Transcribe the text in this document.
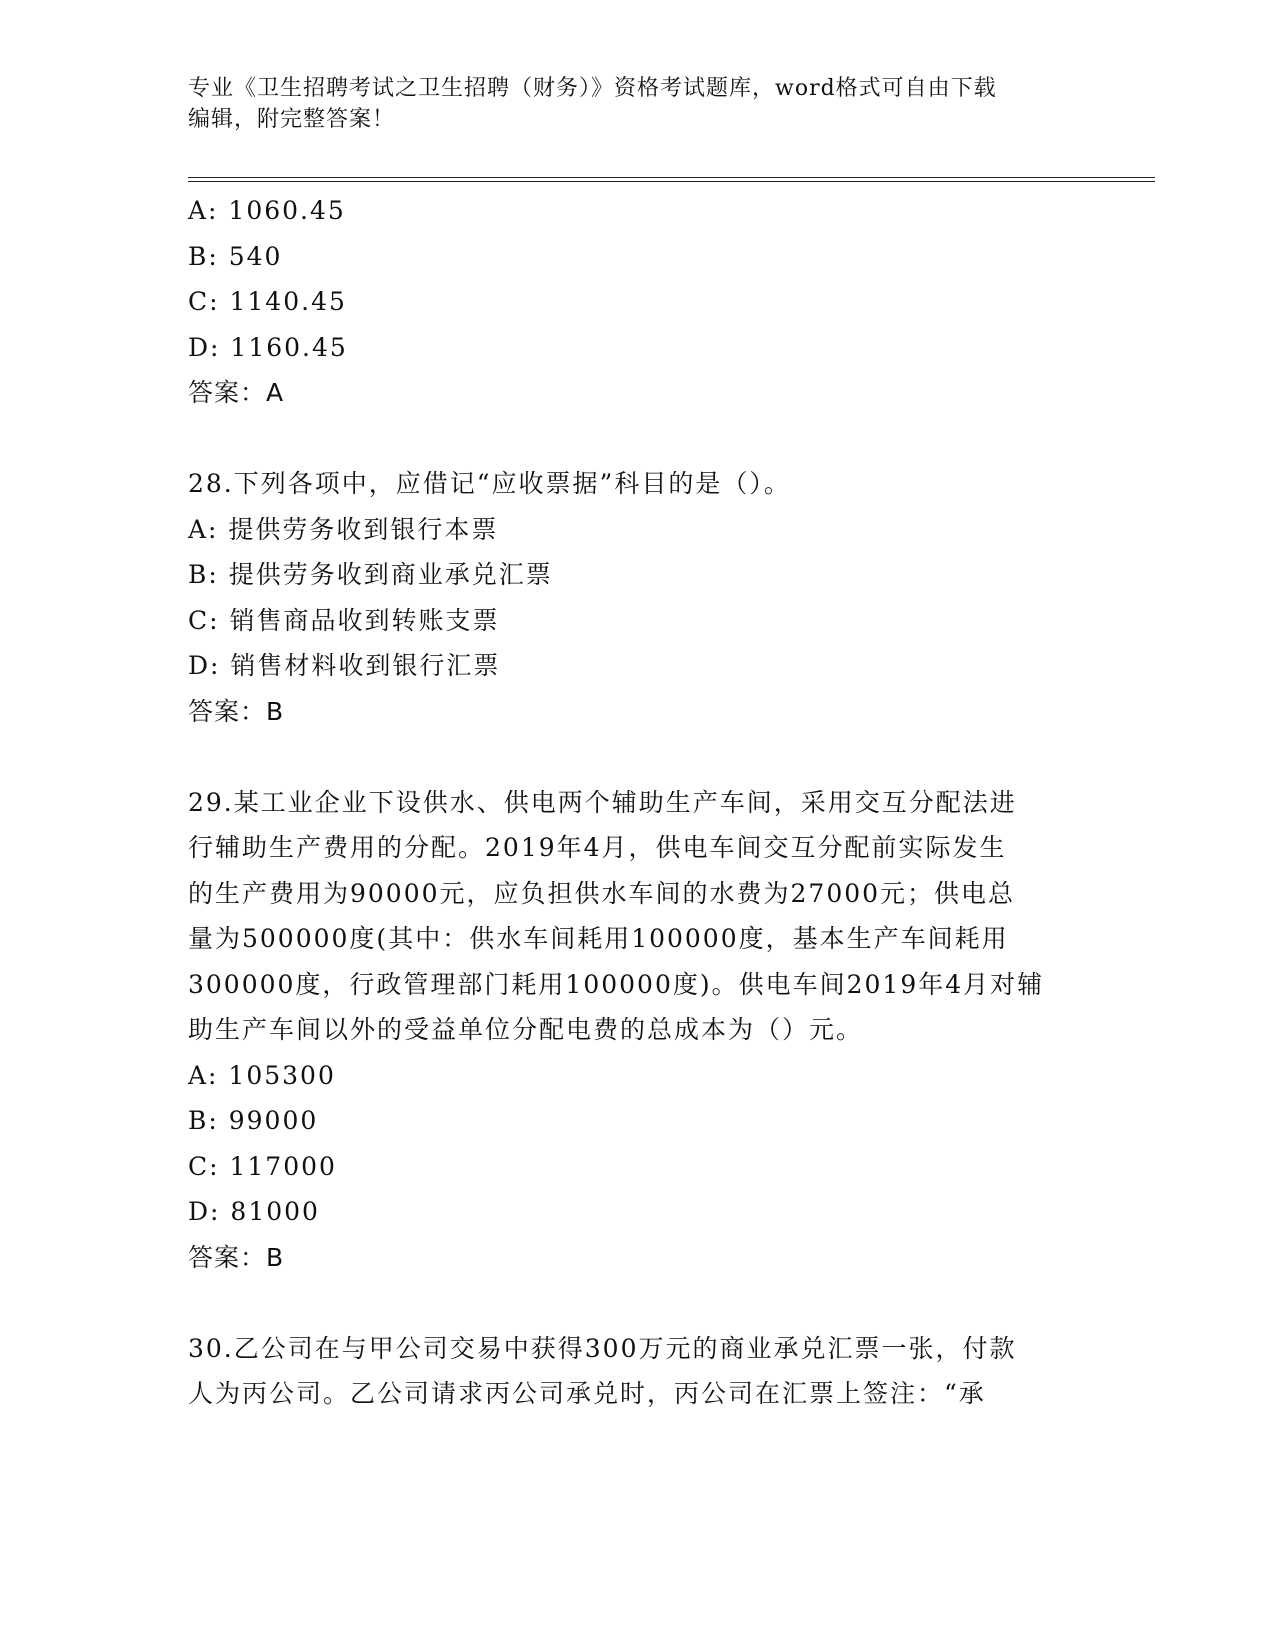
专业《卫生招聘考试之卫生招聘（财务）》资格考试题库，word格式可自由下载
编辑，附完整答案！
A: 1060.45
B: 540
C: 1140.45
D: 1160.45
答案：A
28.下列各项中，应借记“应收票据”科目的是（）。
A: 提供劳务收到银行本票
B: 提供劳务收到商业承兑汇票
C: 销售商品收到转账支票
D: 销售材料收到银行汇票
答案：B
29.某工业企业下设供水、供电两个辅助生产车间，采用交互分配法进
行辅助生产费用的分配。2019年4月，供电车间交互分配前实际发生
的生产费用为90000元，应负担供水车间的水费为27000元；供电总
量为500000度(其中：供水车间耗用100000度，基本生产车间耗用
300000度，行政管理部门耗用100000度)。供电车间2019年4月对辅
助生产车间以外的受益单位分配电费的总成本为（）元。
A: 105300
B: 99000
C: 117000
D: 81000
答案：B
30.乙公司在与甲公司交易中获得300万元的商业承兑汇票一张，付款
人为丙公司。乙公司请求丙公司承兑时，丙公司在汇票上签注：“承
